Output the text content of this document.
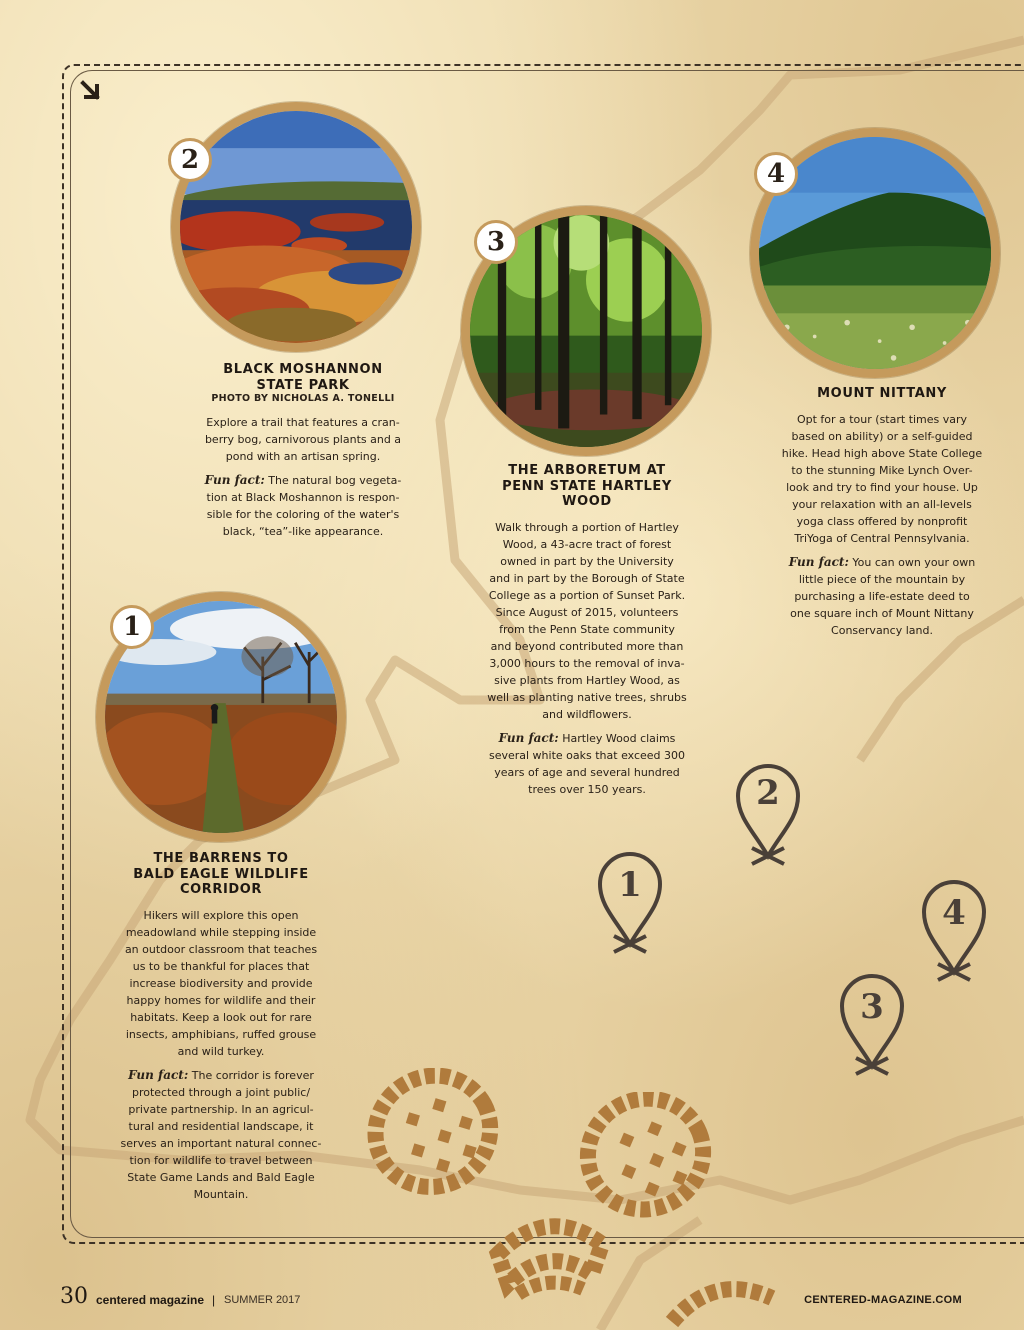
2
3
4
1
BLACK MOSHANNON
STATE PARK
PHOTO BY NICHOLAS A. TONELLI
Explore a trail that features a cran-
berry bog, carnivorous plants and a
pond with an artisan spring.
Fun fact: The natural bog vegeta-
tion at Black Moshannon is respon-
sible for the coloring of the water's
black, “tea”-like appearance.
THE ARBORETUM AT
PENN STATE HARTLEY
WOOD
Walk through a portion of Hartley
Wood, a 43-acre tract of forest
owned in part by the University
and in part by the Borough of State
College as a portion of Sunset Park.
Since August of 2015, volunteers
from the Penn State community
and beyond contributed more than
3,000 hours to the removal of inva-
sive plants from Hartley Wood, as
well as planting native trees, shrubs
and wildflowers.
Fun fact: Hartley Wood claims
several white oaks that exceed 300
years of age and several hundred
trees over 150 years.
MOUNT NITTANY
Opt for a tour (start times vary
based on ability) or a self-guided
hike. Head high above State College
to the stunning Mike Lynch Over-
look and try to find your house. Up
your relaxation with an all-levels
yoga class offered by nonprofit
TriYoga of Central Pennsylvania.
Fun fact: You can own your own
little piece of the mountain by
purchasing a life-estate deed to
one square inch of Mount Nittany
Conservancy land.
THE BARRENS TO
BALD EAGLE WILDLIFE
CORRIDOR
Hikers will explore this open
meadowland while stepping inside
an outdoor classroom that teaches
us to be thankful for places that
increase biodiversity and provide
happy homes for wildlife and their
habitats. Keep a look out for rare
insects, amphibians, ruffed grouse
and wild turkey.
Fun fact: The corridor is forever
protected through a joint public/
private partnership. In an agricul-
tural and residential landscape, it
serves an important natural connec-
tion for wildlife to travel between
State Game Lands and Bald Eagle
Mountain.
1
2
3
4
30 centered magazine | SUMMER 2017	CENTERED-MAGAZINE.COM
